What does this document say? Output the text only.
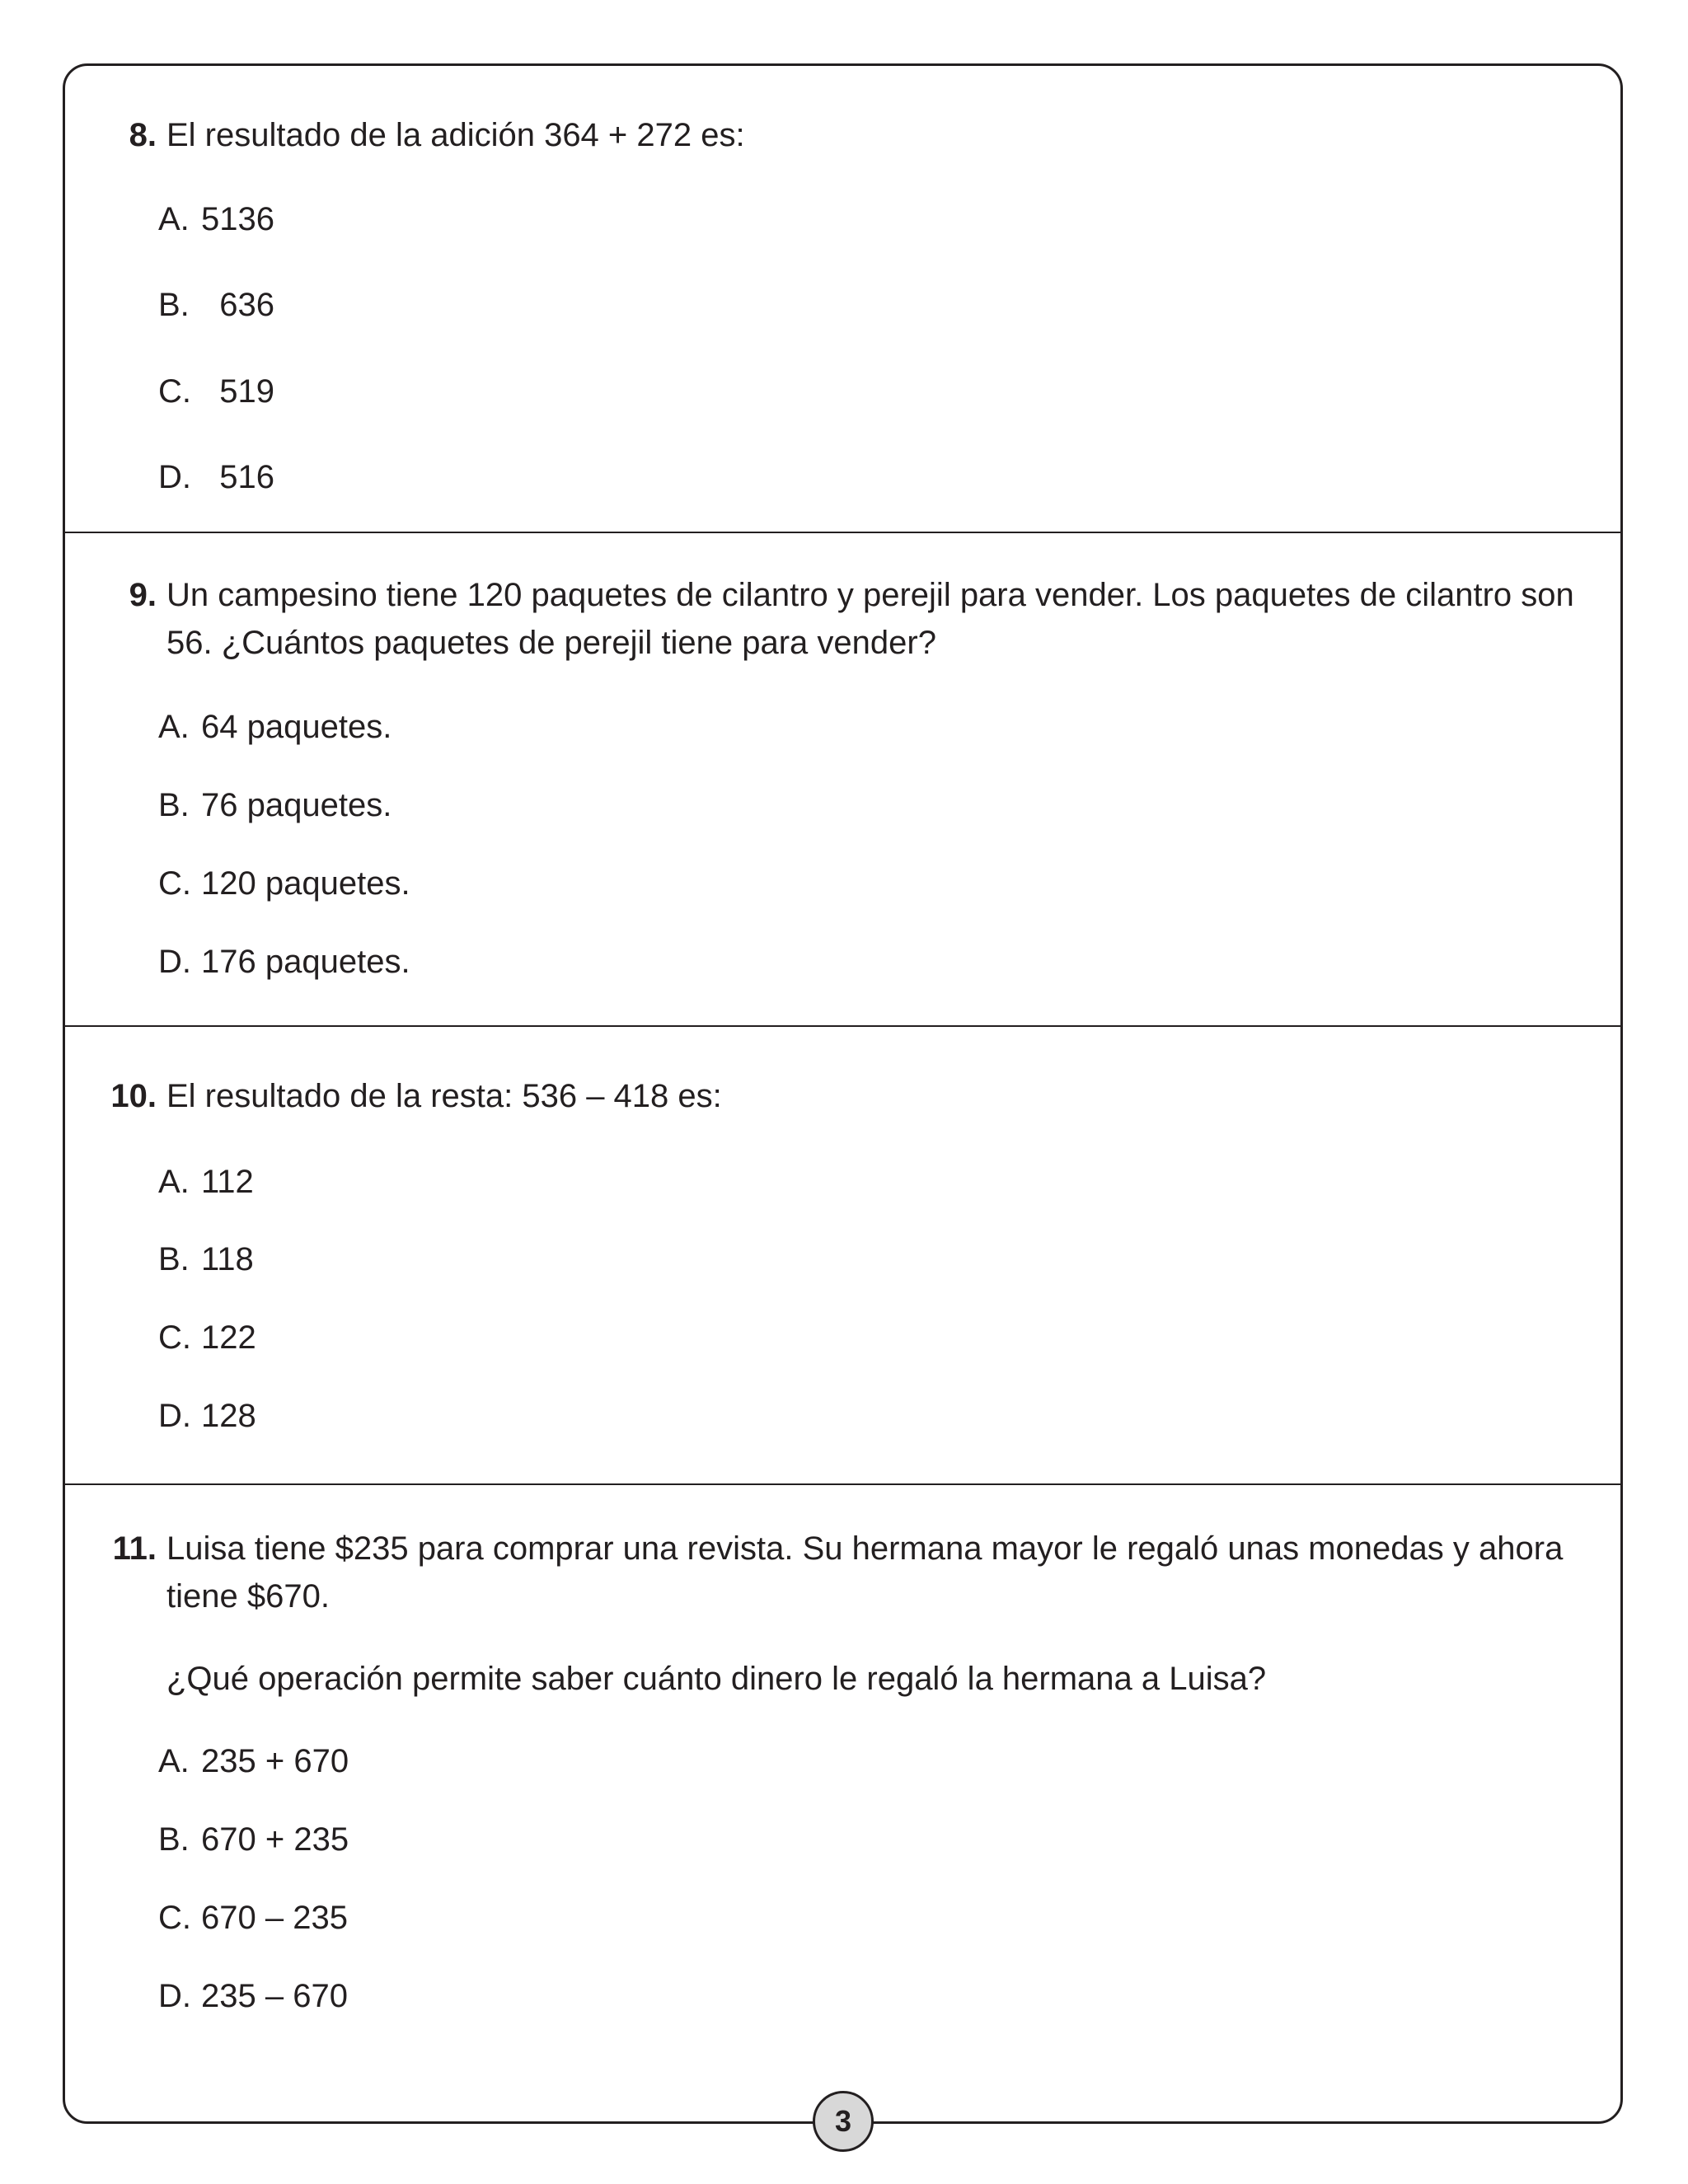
8. El resultado de la adición 364 + 272 es:
A. 5136
B. 636
C. 519
D. 516
9. Un campesino tiene 120 paquetes de cilantro y perejil para vender. Los paquetes de cilantro son 56. ¿Cuántos paquetes de perejil tiene para vender?
A. 64 paquetes.
B. 76 paquetes.
C. 120 paquetes.
D. 176 paquetes.
10. El resultado de la resta: 536 – 418 es:
A. 112
B. 118
C. 122
D. 128
11. Luisa tiene $235 para comprar una revista. Su hermana mayor le regaló unas monedas y ahora tiene $670.
¿Qué operación permite saber cuánto dinero le regaló la hermana a Luisa?
A. 235 + 670
B. 670 + 235
C. 670 – 235
D. 235 – 670
3
